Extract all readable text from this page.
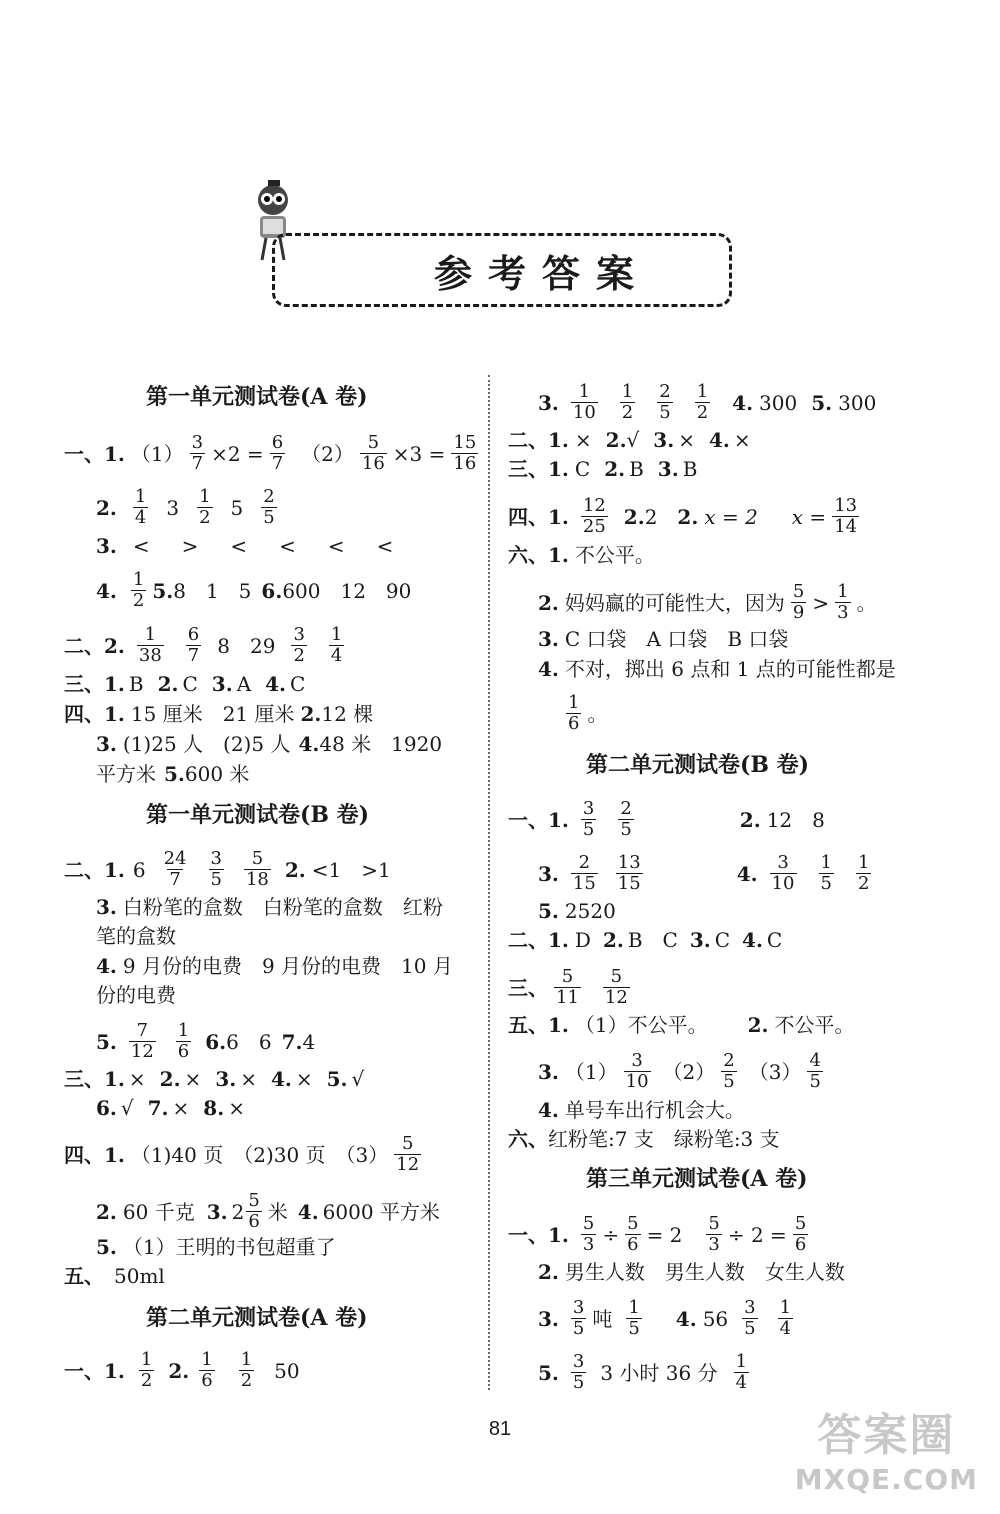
参考答案
第一单元测试卷(A 卷)
一、1. $(1) \frac{3}{7} \times 2 = \frac{6}{7} (2) \frac{5}{16} \times 3 = \frac{15}{16}$
2. 1
4 3 1
2 5 2
5
3. <　>　<　<　<　<
4. 1
2 5. 8　1　5 6. 600　12　90
二、2. 1
38
6
7 8　29 3
2
1
4
三、1. B 2. C 3. A 4. C
四、1. 15 厘米　21 厘米 2. 12 棵
3. (1)25 人　(2)5 人 4. 48 米　1920
平方米 5. 600 米
第一单元测试卷(B 卷)
二、1. 6 24
7
3
5
5
18 2. <1　>1
3. 白粉笔的盒数　白粉笔的盒数　红粉
笔的盒数
4. 9 月份的电费　9 月份的电费　10 月
份的电费
5. 7
12
1
6 6. 6　6 7. 4
三、1. × 2. × 3. × 4. × 5. √
6. √ 7. × 8. ×
四、1. （1)40 页　（2)30 页　（3） 5
12
2. 60 千克 3. 2 5
6 米 4. 6000 平方米
5. （1）王明的书包超重了
五、 50ml
第二单元测试卷(A 卷)
一、1. 1
2 2. 1
6
1
2 50
3. 1
10
1
2
2
5
1
2 4. 300 5. 300
二、1. × 2. √ 3. × 4. ×
三、1. C 2. B 3. B
四、1. 12
25 2. 2 2. x = 2 $x = \frac{13}{14}$
六、1. 不公平。
2. 妈妈赢的可能性大，因为 5
9 > 1
3 。
3. C 口袋　A 口袋　B 口袋
4. 不对，掷出 6 点和 1 点的可能性都是
1
6 。
第二单元测试卷(B 卷)
一、1. 3
5
2
5	2. 12　8
3. 2
15
13
15	4. 3
10
1
5
1
2
5. 2520
二、1. D 2. B　C 3. C 4. C
三、 5
11
5
12
五、1. （1）不公平。 2. 不公平。
3. （1） 3
10 （2） 2
5 （3） 4
5
4. 单号车出行机会大。
六、 红粉笔:7 支　绿粉笔:3 支
第三单元测试卷(A 卷)
一、1. $\frac{5}{3} \div \frac{5}{6} = 2 \frac{5}{3} \div 2 = \frac{5}{6}$
2. 男生人数　男生人数　女生人数
3. 3
5 吨 1
5 4. 56 3
5
1
4
5. 3
5 3 小时 36 分 1
4
81	答案圈
MXQE.COM
